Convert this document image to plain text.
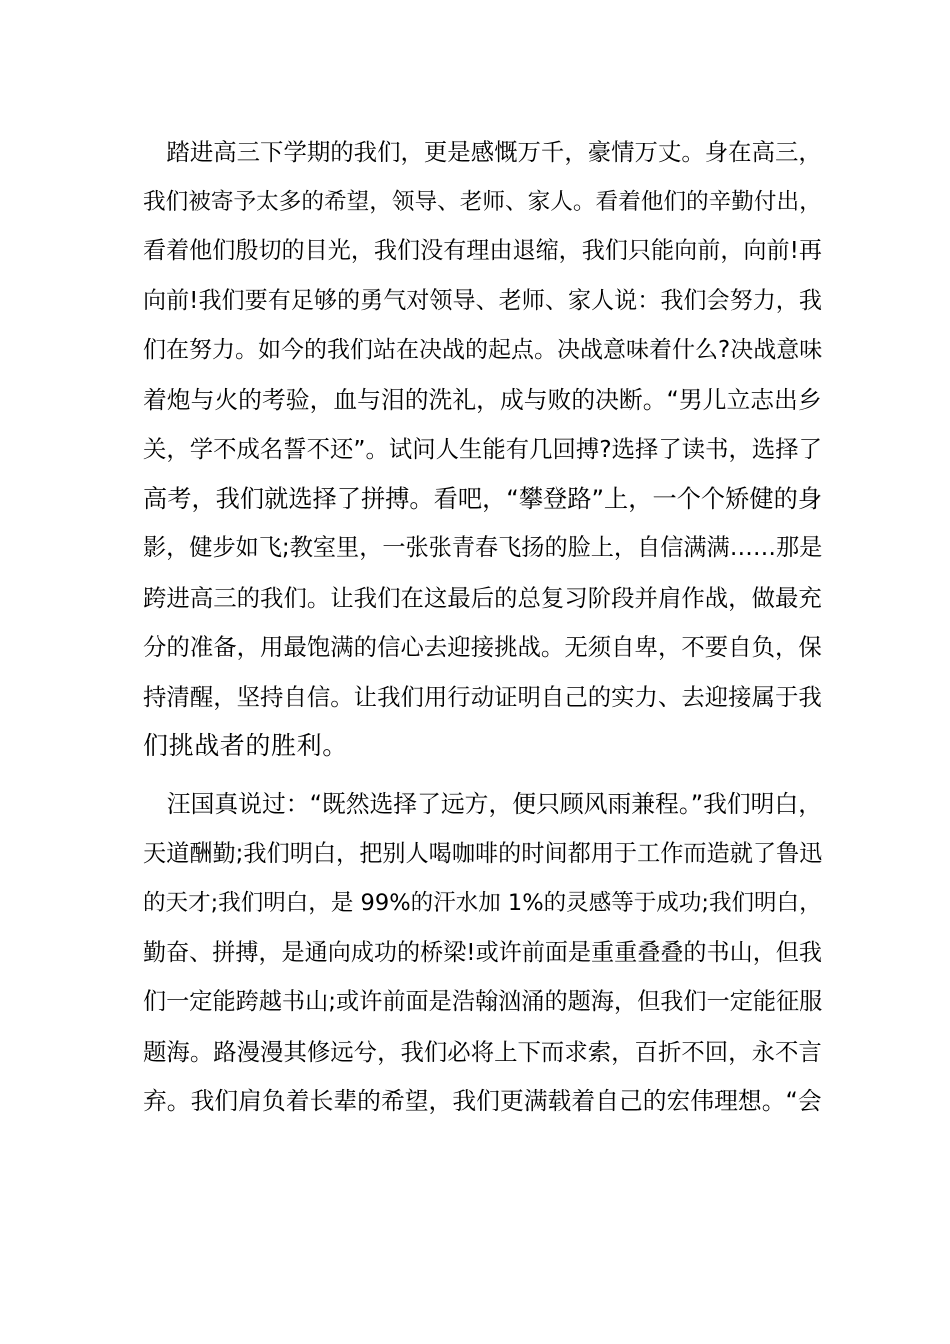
　踏进高三下学期的我们，更是感慨万千，豪情万丈。身在高三，
我们被寄予太多的希望，领导、老师、家人。看着他们的辛勤付出，
看着他们殷切的目光，我们没有理由退缩，我们只能向前，向前!再
向前!我们要有足够的勇气对领导、老师、家人说：我们会努力，我
们在努力。如今的我们站在决战的起点。决战意味着什么?决战意味
着炮与火的考验，血与泪的洗礼，成与败的决断。“男儿立志出乡
关，学不成名誓不还”。试问人生能有几回搏?选择了读书，选择了
高考，我们就选择了拼搏。看吧，“攀登路”上，一个个矫健的身
影，健步如飞;教室里，一张张青春飞扬的脸上，自信满满……那是
跨进高三的我们。让我们在这最后的总复习阶段并肩作战，做最充
分的准备，用最饱满的信心去迎接挑战。无须自卑，不要自负，保
持清醒，坚持自信。让我们用行动证明自己的实力、去迎接属于我
们挑战者的胜利。
　汪国真说过：“既然选择了远方，便只顾风雨兼程。”我们明白，
天道酬勤;我们明白，把别人喝咖啡的时间都用于工作而造就了鲁迅
的天才;我们明白，是 99%的汗水加 1%的灵感等于成功;我们明白，
勤奋、拼搏，是通向成功的桥梁!或许前面是重重叠叠的书山，但我
们一定能跨越书山;或许前面是浩翰汹涌的题海，但我们一定能征服
题海。路漫漫其修远兮，我们必将上下而求索，百折不回，永不言
弃。我们肩负着长辈的希望，我们更满载着自己的宏伟理想。“会
